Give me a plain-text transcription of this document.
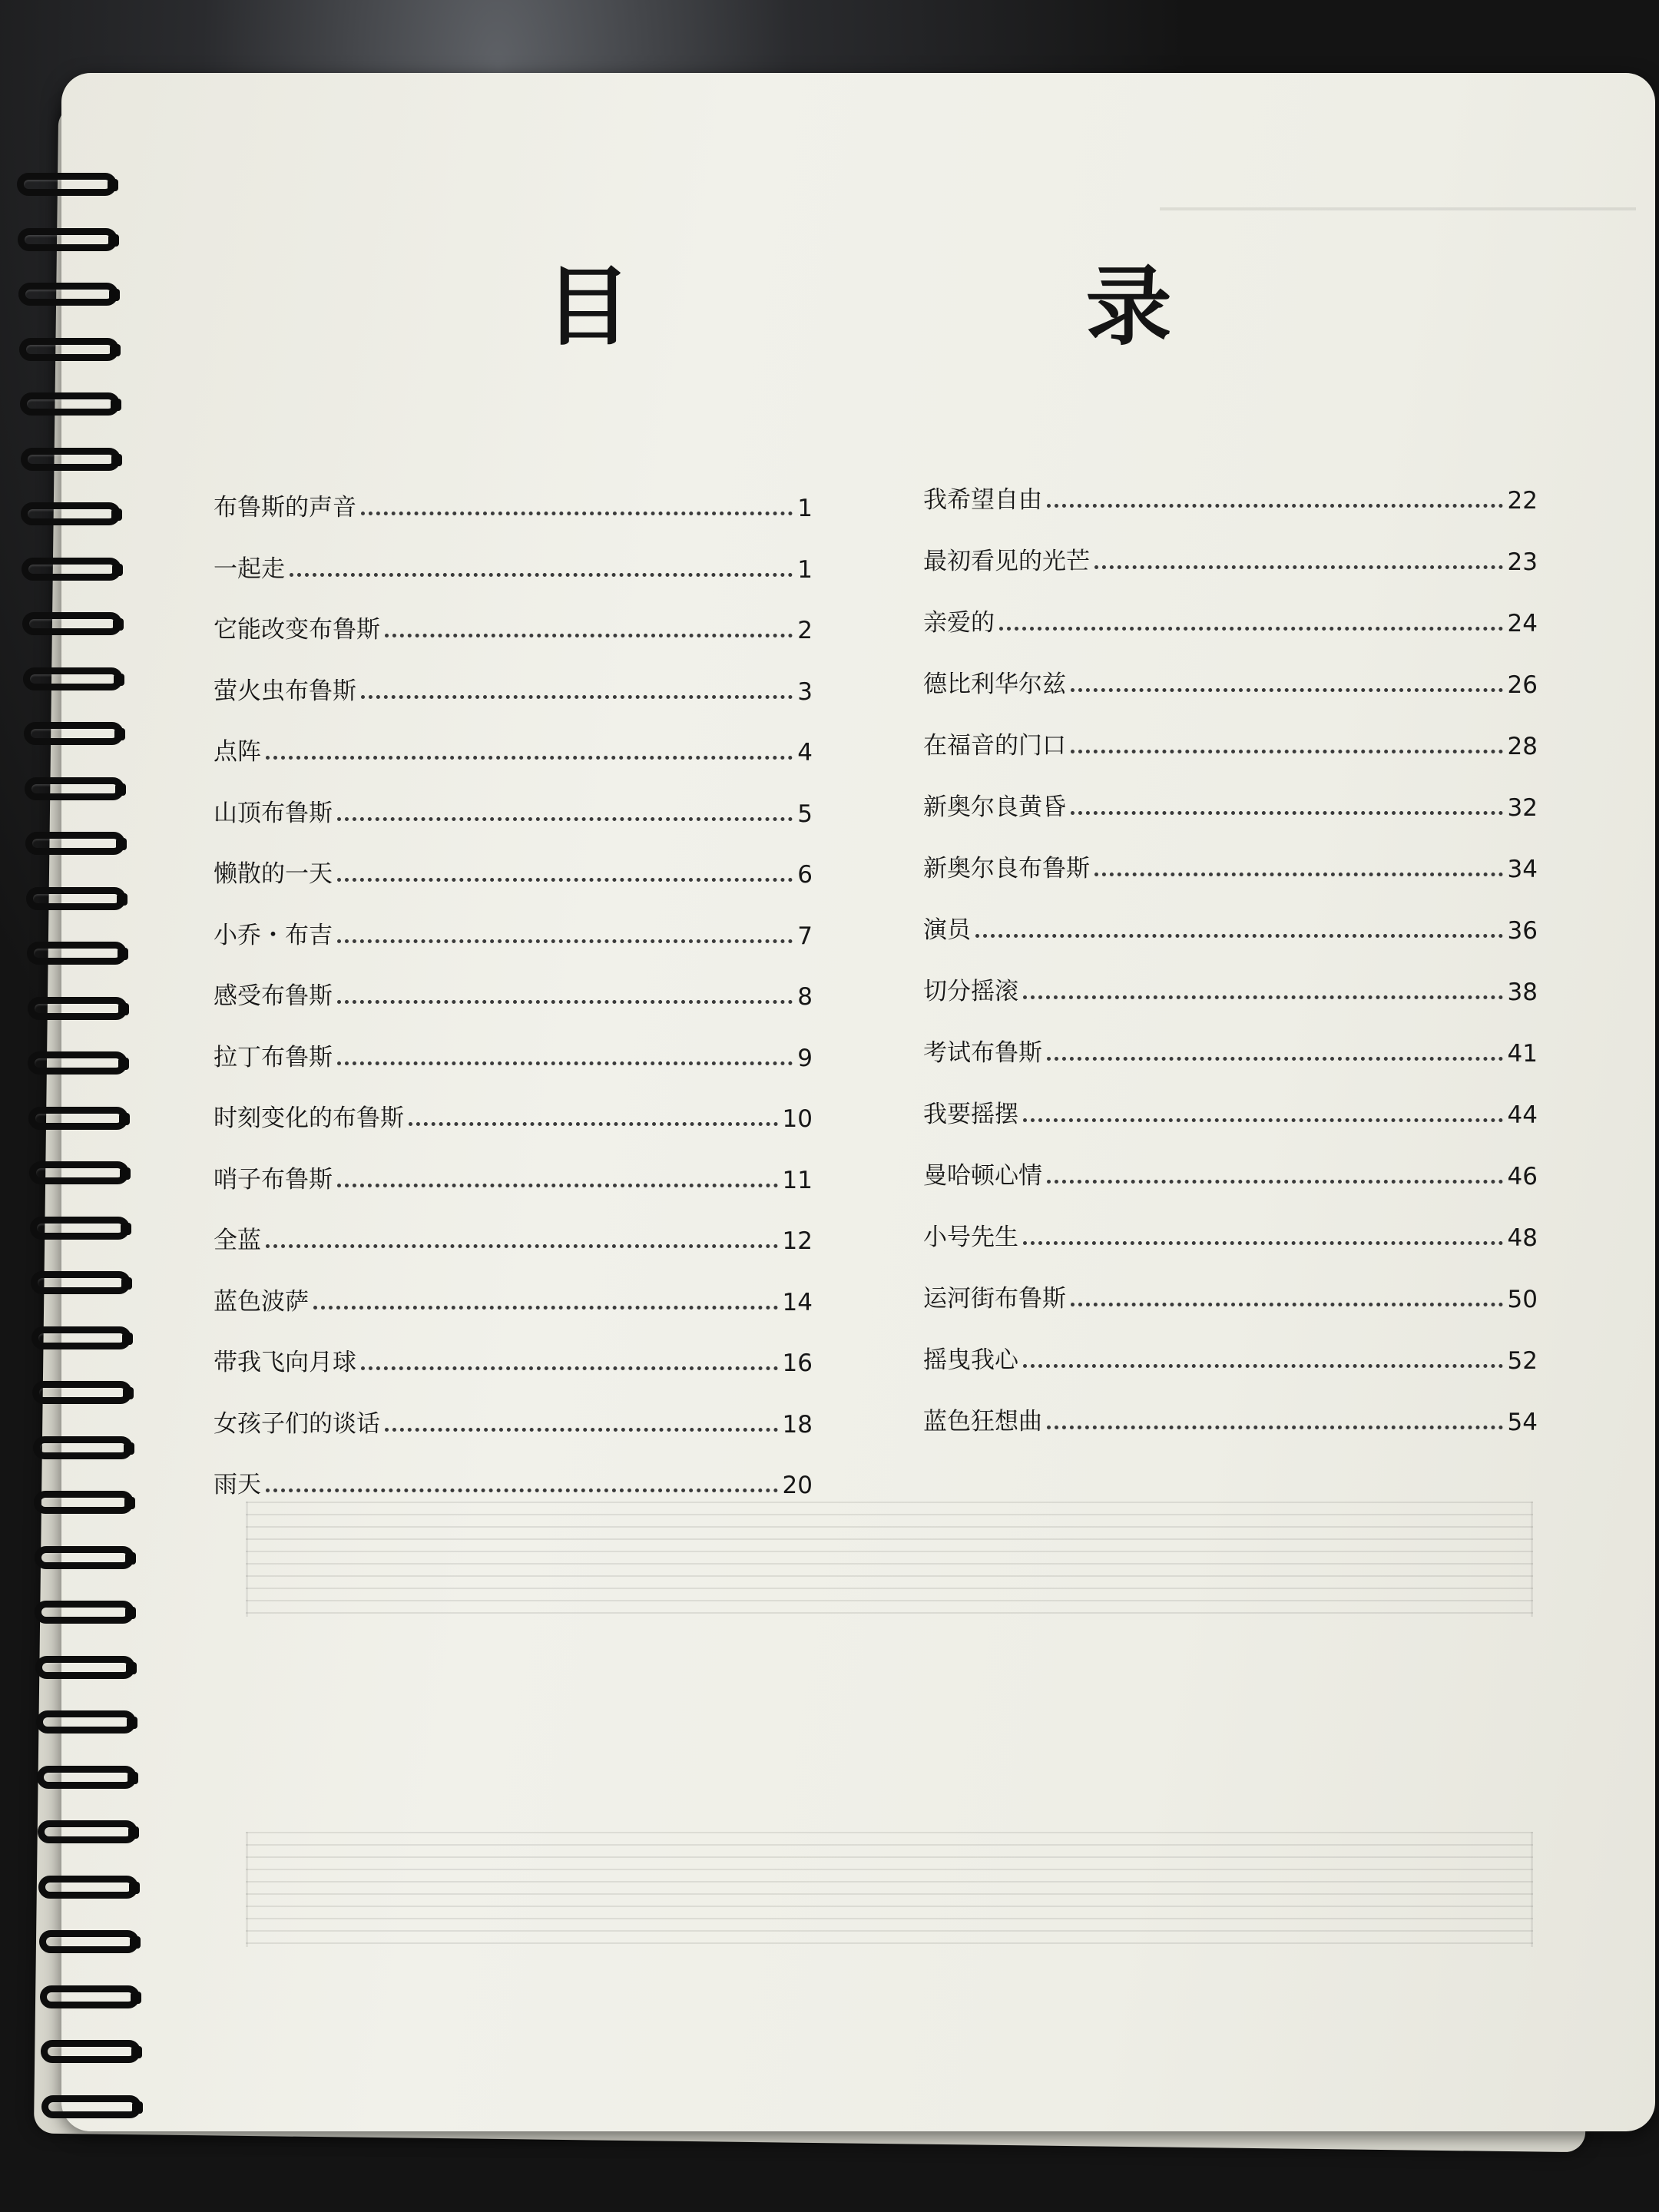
目　录
布鲁斯的声音	1
一起走	1
它能改变布鲁斯	2
萤火虫布鲁斯	3
点阵	4
山顶布鲁斯	5
懒散的一天	6
小乔・布吉	7
感受布鲁斯	8
拉丁布鲁斯	9
时刻变化的布鲁斯	10
哨子布鲁斯	11
全蓝	12
蓝色波萨	14
带我飞向月球	16
女孩子们的谈话	18
雨天	20
我希望自由	22
最初看见的光芒	23
亲爱的	24
德比利华尔兹	26
在福音的门口	28
新奥尔良黄昏	32
新奥尔良布鲁斯	34
演员	36
切分摇滚	38
考试布鲁斯	41
我要摇摆	44
曼哈顿心情	46
小号先生	48
运河街布鲁斯	50
摇曳我心	52
蓝色狂想曲	54
